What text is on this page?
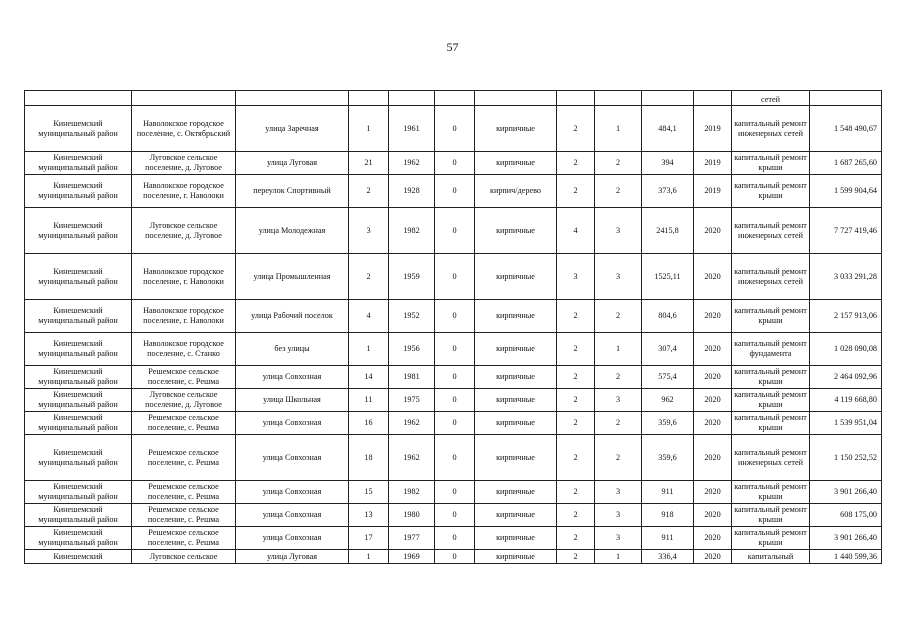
57
											сетей	
Кинешемский муниципальный район	Наволокское городское поселение, с. Октябрьский	улица Заречная	1	1961	0	кирпичные	2	1	484,1	2019	капитальный ремонт инженерных сетей	1 548 490,67
Кинешемский муниципальный район	Луговское сельское поселение, д. Луговое	улица Луговая	21	1962	0	кирпичные	2	2	394	2019	капитальный ремонт крыши	1 687 265,60
Кинешемский муниципальный район	Наволокское городское поселение, г. Наволоки	переулок Спортивный	2	1928	0	кирпич/дерево	2	2	373,6	2019	капитальный ремонт крыши	1 599 904,64
Кинешемский муниципальный район	Луговское сельское поселение, д. Луговое	улица Молодежная	3	1982	0	кирпичные	4	3	2415,8	2020	капитальный ремонт инженерных сетей	7 727 419,46
Кинешемский муниципальный район	Наволокское городское поселение, г. Наволоки	улица Промышленная	2	1959	0	кирпичные	3	3	1525,11	2020	капитальный ремонт инженерных сетей	3 033 291,28
Кинешемский муниципальный район	Наволокское городское поселение, г. Наволоки	улица Рабочий поселок	4	1952	0	кирпичные	2	2	804,6	2020	капитальный ремонт крыши	2 157 913,06
Кинешемский муниципальный район	Наволокское городское поселение, с. Станко	без улицы	1	1956	0	кирпичные	2	1	307,4	2020	капитальный ремонт фундамента	1 028 090,08
Кинешемский муниципальный район	Решемское сельское поселение, с. Решма	улица Совхозная	14	1981	0	кирпичные	2	2	575,4	2020	капитальный ремонт крыши	2 464 092,96
Кинешемский муниципальный район	Луговское сельское поселение, д. Луговое	улица Школьная	11	1975	0	кирпичные	2	3	962	2020	капитальный ремонт крыши	4 119 668,80
Кинешемский муниципальный район	Решемское сельское поселение, с. Решма	улица Совхозная	16	1962	0	кирпичные	2	2	359,6	2020	капитальный ремонт крыши	1 539 951,04
Кинешемский муниципальный район	Решемское сельское поселение, с. Решма	улица Совхозная	18	1962	0	кирпичные	2	2	359,6	2020	капитальный ремонт инженерных сетей	1 150 252,52
Кинешемский муниципальный район	Решемское сельское поселение, с. Решма	улица Совхозная	15	1982	0	кирпичные	2	3	911	2020	капитальный ремонт крыши	3 901 266,40
Кинешемский муниципальный район	Решемское сельское поселение, с. Решма	улица Совхозная	13	1980	0	кирпичные	2	3	918	2020	капитальный ремонт крыши	608 175,00
Кинешемский муниципальный район	Решемское сельское поселение, с. Решма	улица Совхозная	17	1977	0	кирпичные	2	3	911	2020	капитальный ремонт крыши	3 901 266,40
Кинешемский	Луговское сельское	улица Луговая	1	1969	0	кирпичные	2	1	336,4	2020	капитальный	1 440 599,36
